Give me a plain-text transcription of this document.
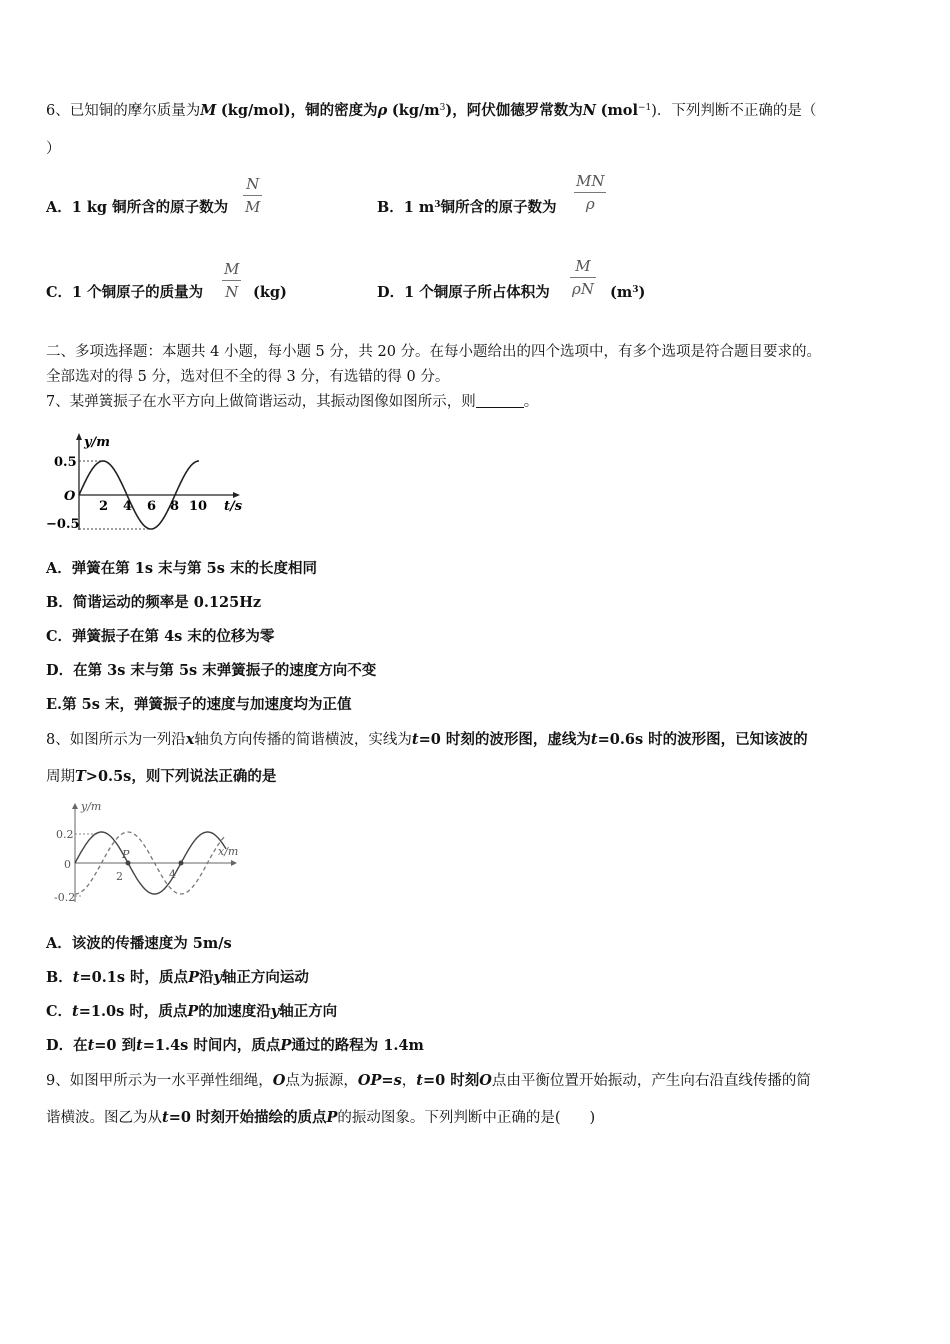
6、已知铜的摩尔质量为M (kg/mol)，铜的密度为ρ $(kg/m^3)$，阿伏伽德罗常数为N (mol$^{-1}$)．下列判断不正确的是（
）
A．1 kg 铜所含的原子数为
N
M	B．1 $m^3$铜所含的原子数为
MN
ρ
C．1 个铜原子的质量为
M
N (kg)	D．1 个铜原子所占体积为
M
ρN $(m^3)$
二、多项选择题：本题共 4 小题，每小题 5 分，共 20 分。在每小题给出的四个选项中，有多个选项是符合题目要求的。
全部选对的得 5 分，选对但不全的得 3 分，有选错的得 0 分。
7、某弹簧振子在水平方向上做简谐运动，其振动图像如图所示，则	。
y/m
0.5
O
−0.5
2 4 6 8 10 t/s
A．弹簧在第 1s 末与第 5s 末的长度相同
B．简谐运动的频率是 0.125Hz
C．弹簧振子在第 4s 末的位移为零
D．在第 3s 末与第 5s 末弹簧振子的速度方向不变
E.第 5s 末，弹簧振子的速度与加速度均为正值
8、如图所示为一列沿x轴负方向传播的简谐横波，实线为t=0 时刻的波形图，虚线为t=0.6s 时的波形图，已知该波的
周期T>0.5s，则下列说法正确的是
y/m
0.2
0
-0.2
P
2	4
x/m
A．该波的传播速度为 5m/s
B．t=0.1s 时，质点P沿y轴正方向运动
C．t=1.0s 时，质点P的加速度沿y轴正方向
D．在t=0 到t=1.4s 时间内，质点P通过的路程为 1.4m
9、如图甲所示为一水平弹性细绳，O点为振源，OP=s，t=0 时刻O点由平衡位置开始振动，产生向右沿直线传播的简
谐横波。图乙为从t=0 时刻开始描绘的质点P的振动图象。下列判断中正确的是(　　)
